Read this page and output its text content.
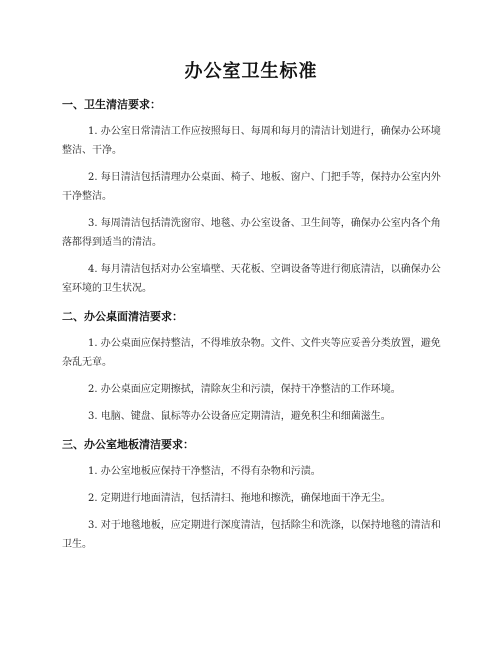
办公室卫生标准

一、卫生清洁要求：

1. 办公室日常清洁工作应按照每日、每周和每月的清洁计划进行，确保办公环境整洁、干净。

2. 每日清洁包括清理办公桌面、椅子、地板、窗户、门把手等，保持办公室内外干净整洁。

3. 每周清洁包括清洗窗帘、地毯、办公室设备、卫生间等，确保办公室内各个角落都得到适当的清洁。

4. 每月清洁包括对办公室墙壁、天花板、空调设备等进行彻底清洁，以确保办公室环境的卫生状况。

二、办公桌面清洁要求：

1. 办公桌面应保持整洁，不得堆放杂物。文件、文件夹等应妥善分类放置，避免杂乱无章。

2. 办公桌面应定期擦拭，清除灰尘和污渍，保持干净整洁的工作环境。

3. 电脑、键盘、鼠标等办公设备应定期清洁，避免积尘和细菌滋生。

三、办公室地板清洁要求：

1. 办公室地板应保持干净整洁，不得有杂物和污渍。

2. 定期进行地面清洁，包括清扫、拖地和擦洗，确保地面干净无尘。

3. 对于地毯地板，应定期进行深度清洁，包括除尘和洗涤，以保持地毯的清洁和卫生。
